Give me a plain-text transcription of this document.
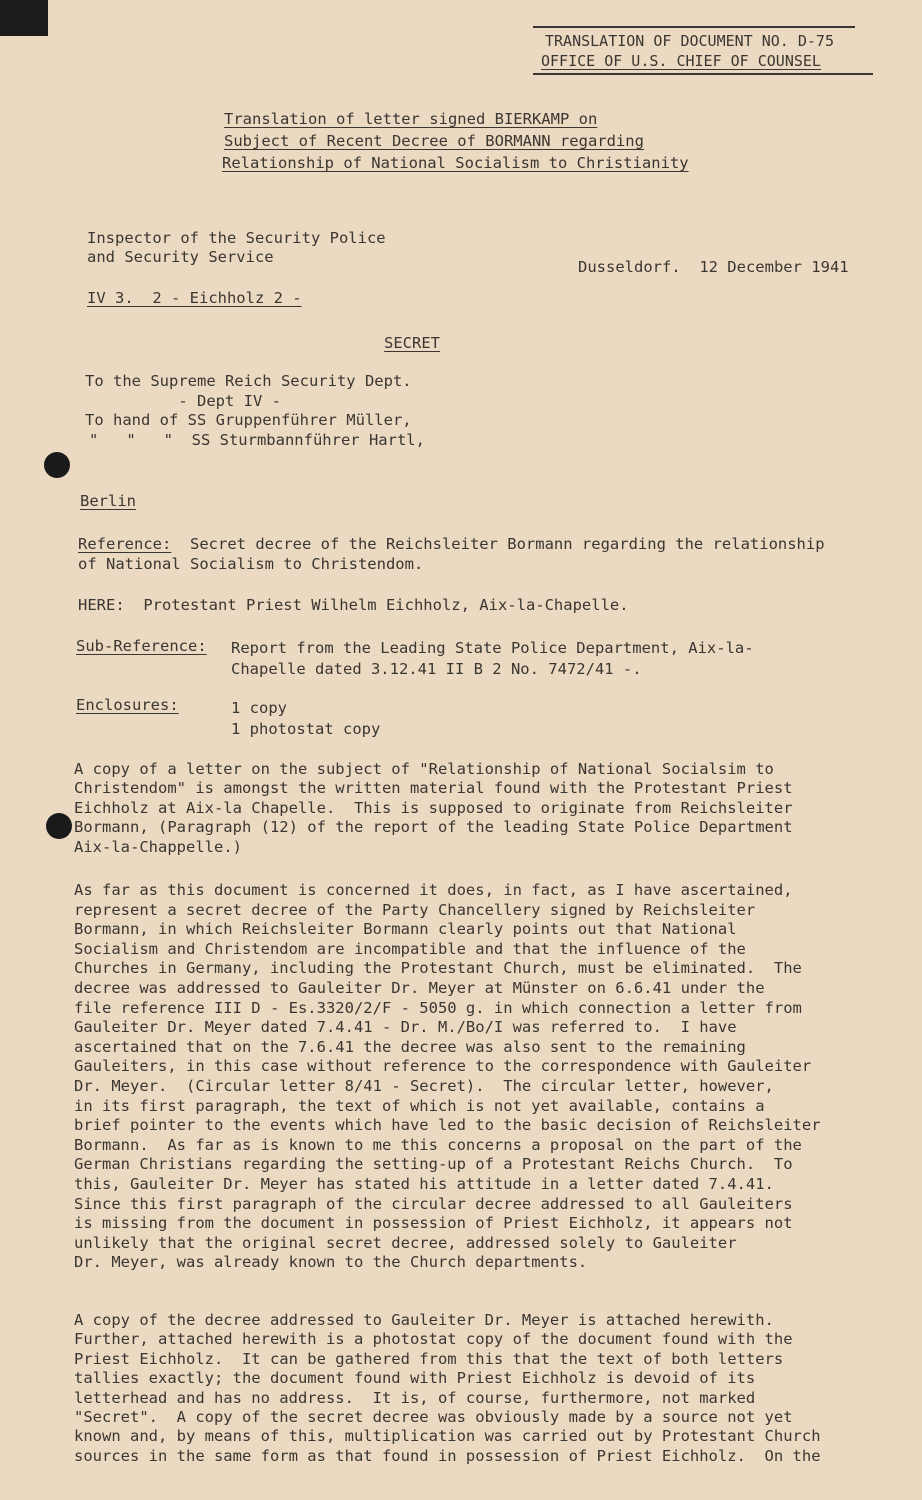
TRANSLATION OF DOCUMENT NO. D-75
OFFICE OF U.S. CHIEF OF COUNSEL
Translation of letter signed BIERKAMP on
Subject of Recent Decree of BORMANN regarding
Relationship of National Socialism to Christianity
Inspector of the Security Police
and Security Service
Dusseldorf.  12 December 1941
IV 3.  2 - Eichholz 2 -
SECRET
To the Supreme Reich Security Dept.
- Dept IV -
To hand of SS Gruppenführer Müller,
"   "   "  SS Sturmbannführer Hartl,
Berlin
Reference:  Secret decree of the Reichsleiter Bormann regarding the relationship
of National Socialism to Christendom.
HERE:  Protestant Priest Wilhelm Eichholz, Aix-la-Chapelle.
Sub-Reference: Report from the Leading State Police Department, Aix-la-
Chapelle dated 3.12.41 II B 2 No. 7472/41 -.
Enclosures:	1 copy
1 photostat copy
A copy of a letter on the subject of "Relationship of National Socialsim to
Christendom" is amongst the written material found with the Protestant Priest
Eichholz at Aix-la Chapelle.  This is supposed to originate from Reichsleiter
Bormann, (Paragraph (12) of the report of the leading State Police Department
Aix-la-Chappelle.)
As far as this document is concerned it does, in fact, as I have ascertained,
represent a secret decree of the Party Chancellery signed by Reichsleiter
Bormann, in which Reichsleiter Bormann clearly points out that National
Socialism and Christendom are incompatible and that the influence of the
Churches in Germany, including the Protestant Church, must be eliminated.  The
decree was addressed to Gauleiter Dr. Meyer at Münster on 6.6.41 under the
file reference III D - Es.3320/2/F - 5050 g. in which connection a letter from
Gauleiter Dr. Meyer dated 7.4.41 - Dr. M./Bo/I was referred to.  I have
ascertained that on the 7.6.41 the decree was also sent to the remaining
Gauleiters, in this case without reference to the correspondence with Gauleiter
Dr. Meyer.  (Circular letter 8/41 - Secret).  The circular letter, however,
in its first paragraph, the text of which is not yet available, contains a
brief pointer to the events which have led to the basic decision of Reichsleiter
Bormann.  As far as is known to me this concerns a proposal on the part of the
German Christians regarding the setting-up of a Protestant Reichs Church.  To
this, Gauleiter Dr. Meyer has stated his attitude in a letter dated 7.4.41.
Since this first paragraph of the circular decree addressed to all Gauleiters
is missing from the document in possession of Priest Eichholz, it appears not
unlikely that the original secret decree, addressed solely to Gauleiter
Dr. Meyer, was already known to the Church departments.
A copy of the decree addressed to Gauleiter Dr. Meyer is attached herewith.
Further, attached herewith is a photostat copy of the document found with the
Priest Eichholz.  It can be gathered from this that the text of both letters
tallies exactly; the document found with Priest Eichholz is devoid of its
letterhead and has no address.  It is, of course, furthermore, not marked
"Secret".  A copy of the secret decree was obviously made by a source not yet
known and, by means of this, multiplication was carried out by Protestant Church
sources in the same form as that found in possession of Priest Eichholz.  On the
